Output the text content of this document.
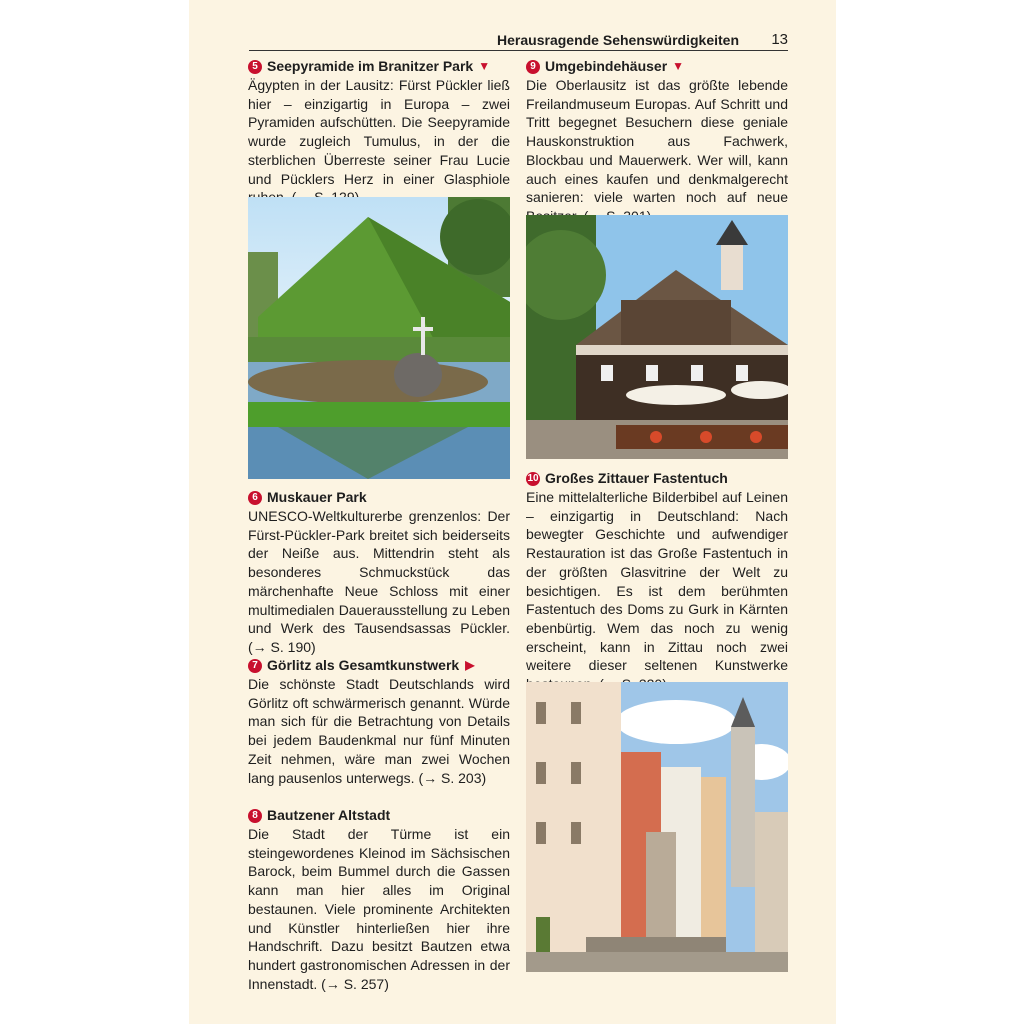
Herausragende Sehenswürdigkeiten 13
5 Seepyramide im Branitzer Park ▼

Ägypten in der Lausitz: Fürst Pückler ließ hier – einzigartig in Europa – zwei Pyramiden aufschütten. Die Seepyramide wurde zugleich Tumulus, in der die sterblichen Überreste seiner Frau Lucie und Pücklers Herz in einer Glasphiole

6 Muskauer Park

UNESCO-Weltkulturerbe grenzenlos: Der Fürst-Pückler-Park breitet sich beiderseits der Neiße aus. Mittendrin steht als besonderes Schmuckstück das märchenhafte Neue Schloss mit einer multimedialen Dauerausstellung zu Leben und Werk des Tausendsassas Pückler. (→ S. 190)

7 Görlitz als Gesamtkunstwerk ▶

Die schönste Stadt Deutschlands wird Görlitz oft schwärmerisch genannt. Würde man sich für die Betrachtung von Details bei jedem Baudenkmal nur fünf Minuten Zeit nehmen, wäre man zwei Wochen lang pausenlos unterwegs. (→ S. 203)

8 Bautzener Altstadt

Die Stadt der Türme ist ein steingewordenes Kleinod im Sächsischen Barock, beim Bummel durch die Gassen kann man hier alles im Original bestaunen. Viele prominente Architekten und Künstler hinterließen hier ihre Handschrift. Dazu besitzt Bautzen etwa hundert gastronomischen Adressen in der Innenstadt. (→ S. 257)

9 Umgebindehäuser ▼

Die Oberlausitz ist das größte lebende Freilandmuseum Europas. Auf Schritt und Tritt begegnet Besuchern diese geniale Hauskonstruktion aus Fachwerk, Blockbau und Mauerwerk. Wer will, kann auch eines kaufen und denkmalgerecht sanieren: viele warten noch auf neue

10 Großes Zittauer Fastentuch

Eine mittelalterliche Bilderbibel auf Leinen – einzigartig in Deutschland: Nach bewegter Geschichte und aufwendiger Restauration ist das Große Fastentuch in der größten Glasvitrine der Welt zu besichtigen. Es ist dem berühmten Fastentuch des Doms zu Gurk in Kärnten ebenbürtig. Wem das noch zu wenig erscheint, kann in Zittau noch zwei weitere dieser seltenen Kunstwerke
